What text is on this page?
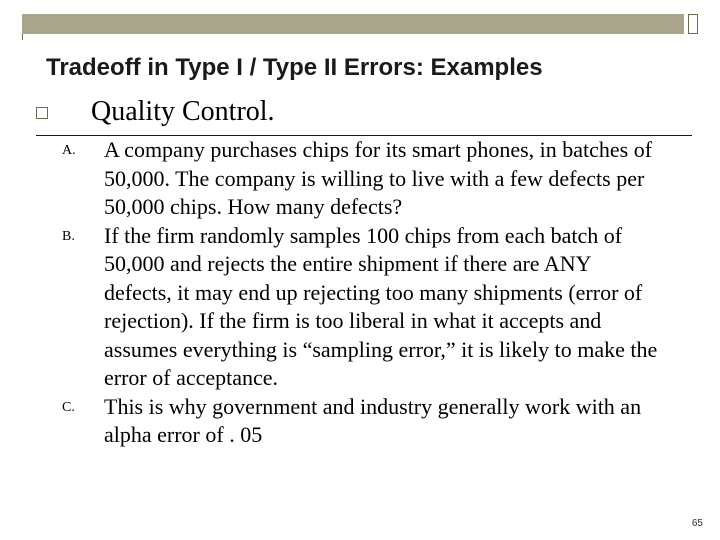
Tradeoff in Type I / Type II Errors: Examples
Quality Control.
A. A company purchases chips for its smart phones, in batches of 50,000. The company is willing to live with a few defects per 50,000 chips. How many defects?
B. If the firm randomly samples 100 chips from each batch of 50,000 and rejects the entire shipment if there are ANY defects, it may end up rejecting too many shipments (error of rejection). If the firm is too liberal in what it accepts and assumes everything is “sampling error,” it is likely to make the error of acceptance.
C. This is why government and industry generally work with an alpha error of . 05
65
